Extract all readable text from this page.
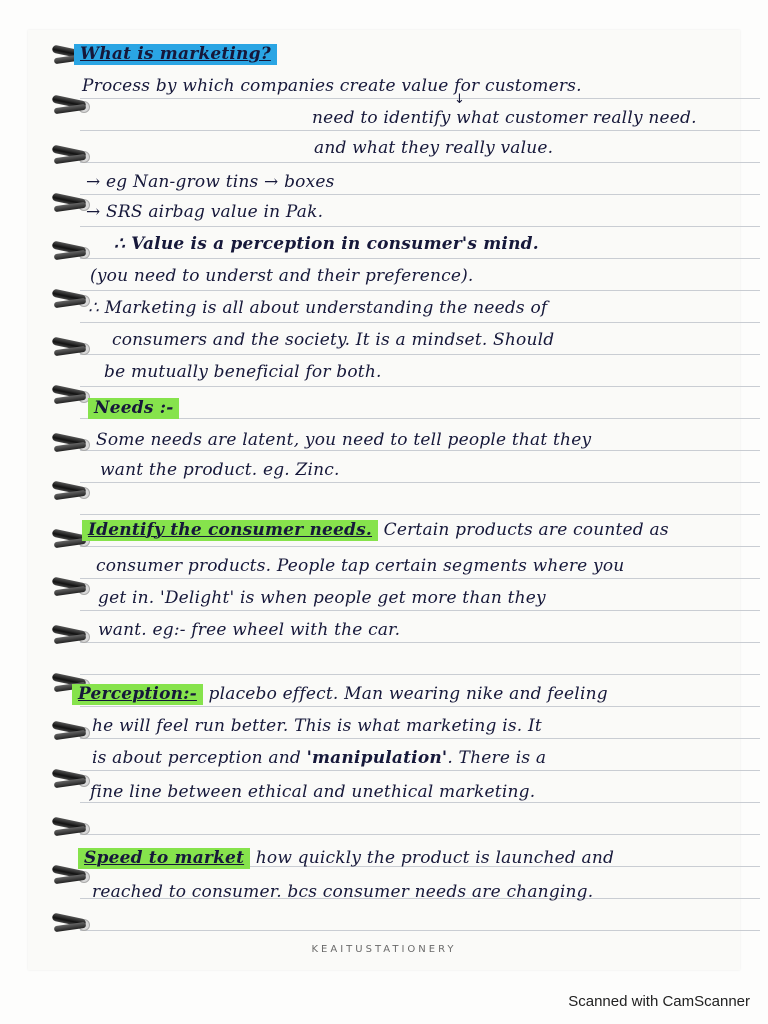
What is marketing?
Process by which companies create value for customers.
↓
need to identify what customer really need.
and what they really value.
→ eg Nan-grow tins → boxes
→ SRS airbag value in Pak.
∴ Value is a perception in consumer's mind.
(you need to underst and their preference).
∴ Marketing is all about understanding the needs of
consumers and the society. It is a mindset. Should
be mutually beneficial for both.
Needs :-
Some needs are latent, you need to tell people that they
want the product. eg. Zinc.
Identify the consumer needs. Certain products are counted as
consumer products. People tap certain segments where you
get in. 'Delight' is when people get more than they
want. eg:- free wheel with the car.
Perception:- placebo effect. Man wearing nike and feeling
he will feel run better. This is what marketing is. It
is about perception and 'manipulation'. There is a
fine line between ethical and unethical marketing.
Speed to market how quickly the product is launched and
reached to consumer. bcs consumer needs are changing.
KEAITUSTATIONERY
Scanned with CamScanner
